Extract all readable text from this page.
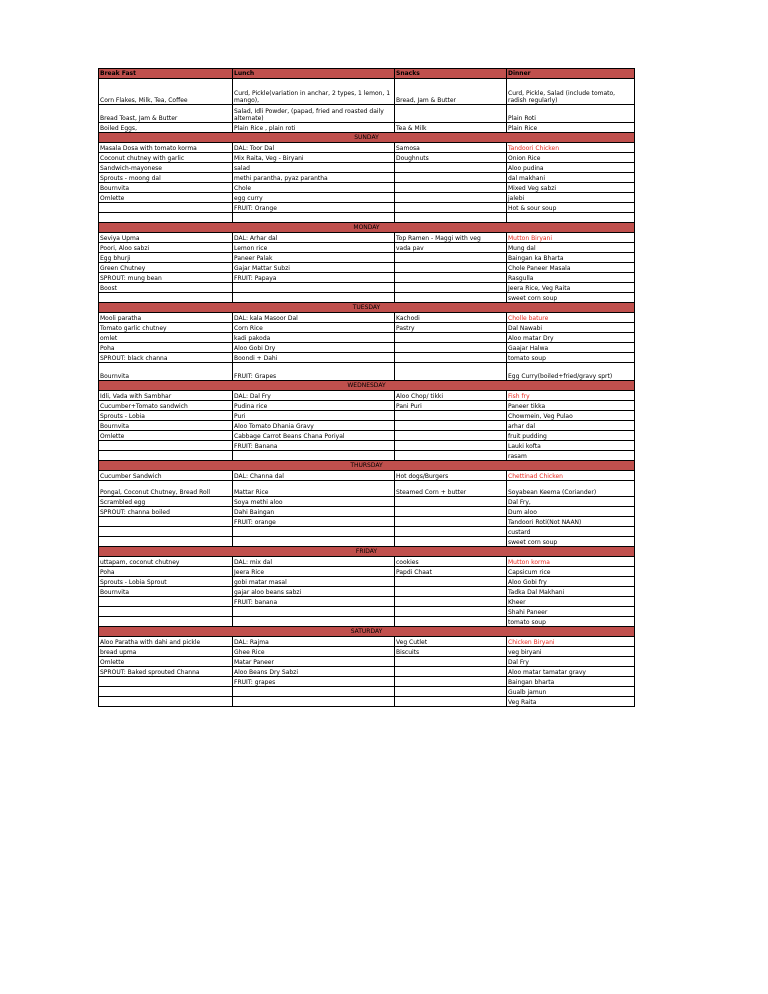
Break Fast	Lunch	Snacks	Dinner
Corn Flakes, Milk, Tea, Coffee	Curd, Pickle(variation in anchar, 2 types, 1 lemon, 1 mango),	Bread, Jam & Butter	Curd, Pickle, Salad (include tomato, radish regularly)
Bread Toast, Jam & Butter	Salad, Idli Powder, (papad, fried and roasted daily alternate)		Plain Roti
Boiled Eggs,	Plain Rice , plain roti	Tea & Milk	Plain Rice
SUNDAY			
Masala Dosa with tomato korma	DAL: Toor Dal	Samosa	Tandoori Chicken
Coconut chutney with garlic	Mix Raita, Veg - Biryani	Doughnuts	Onion Rice
Sandwich-mayonese	salad		Aloo pudina
Sprouts - moong dal	methi parantha, pyaz parantha		dal makhani
Bournvita	Chole		Mixed Veg sabzi
Omlette	egg curry		jalebi
	FRUIT: Orange		Hot & sour soup

MONDAY			
Seviya Upma	DAL: Arhar dal	Top Ramen - Maggi with veg	Mutton Biryani
Poori, Aloo sabzi	Lemon rice	vada pav	Mung dal
Egg bhurji	Paneer Palak		Baingan ka Bharta
Green Chutney	Gajar Mattar Subzi		Chole Paneer Masala
SPROUT: mung bean	FRUIT: Papaya		Rasgulla
Boost			Jeera Rice, Veg Raita
			sweet corn soup
TUESDAY			
Mooli paratha	DAL: kala Masoor Dal	Kachodi	Cholle bature
Tomato garlic chutney	Corn Rice	Pastry	Dal Nawabi
omlet	kadi pakoda		Aloo matar Dry
Poha	Aloo Gobi Dry		Gaajar Halwa
SPROUT: black channa	Boondi + Dahi		tomato soup
Bournvita	FRUIT: Grapes		Egg Curry(boiled+fried/gravy sprt)
WEDNESDAY			
Idli, Vada with Sambhar	DAL: Dal Fry	Aloo Chop/ tikki	Fish fry
Cucumber+Tomato sandwich	Pudina rice	Pani Puri	Paneer tikka
Sprouts - Lobia	Puri		Chowmein, Veg Pulao
Bournvita	Aloo Tomato Dhania Gravy		arhar dal
Omlette	Cabbage Carrot Beans Chana Poriyal		fruit pudding
	FRUIT: Banana		Lauki kofta
			rasam
THURSDAY			
Cucumber Sandwich	DAL: Channa dal	Hot dogs/Burgers	Chettinad Chicken
Pongal, Coconut Chutney, Bread Roll	Mattar Rice	Steamed Corn + butter	Soyabean Keema (Coriander)
Scrambled egg	Soya methi aloo		Dal Fry,
SPROUT: channa boiled	Dahi Baingan		Dum aloo
	FRUIT: orange		Tandoori Roti(Not NAAN)
			custard
			sweet corn soup
FRIDAY			
uttapam, coconut chutney	DAL: mix dal	cookies	Mutton korma
Poha	Jeera Rice	Papdi Chaat	Capsicum rice
Sprouts - Lobia Sprout	gobi matar masal		Aloo Gobi fry
Bournvita	gajar aloo beans sabzi		Tadka Dal Makhani
	FRUIT: banana		Kheer
			Shahi Paneer
			tomato soup
SATURDAY			
Aloo Paratha with dahi and pickle	DAL: Rajma	Veg Cutlet	Chicken Biryani
bread upma	Ghee Rice	Biscuits	veg biryani
Omlette	Matar Paneer		Dal Fry
SPROUT: Baked sprouted Channa	Aloo Beans Dry Sabzi		Aloo matar tamatar gravy
	FRUIT: grapes		Baingan bharta
			Gualb jamun
			Veg Raita
